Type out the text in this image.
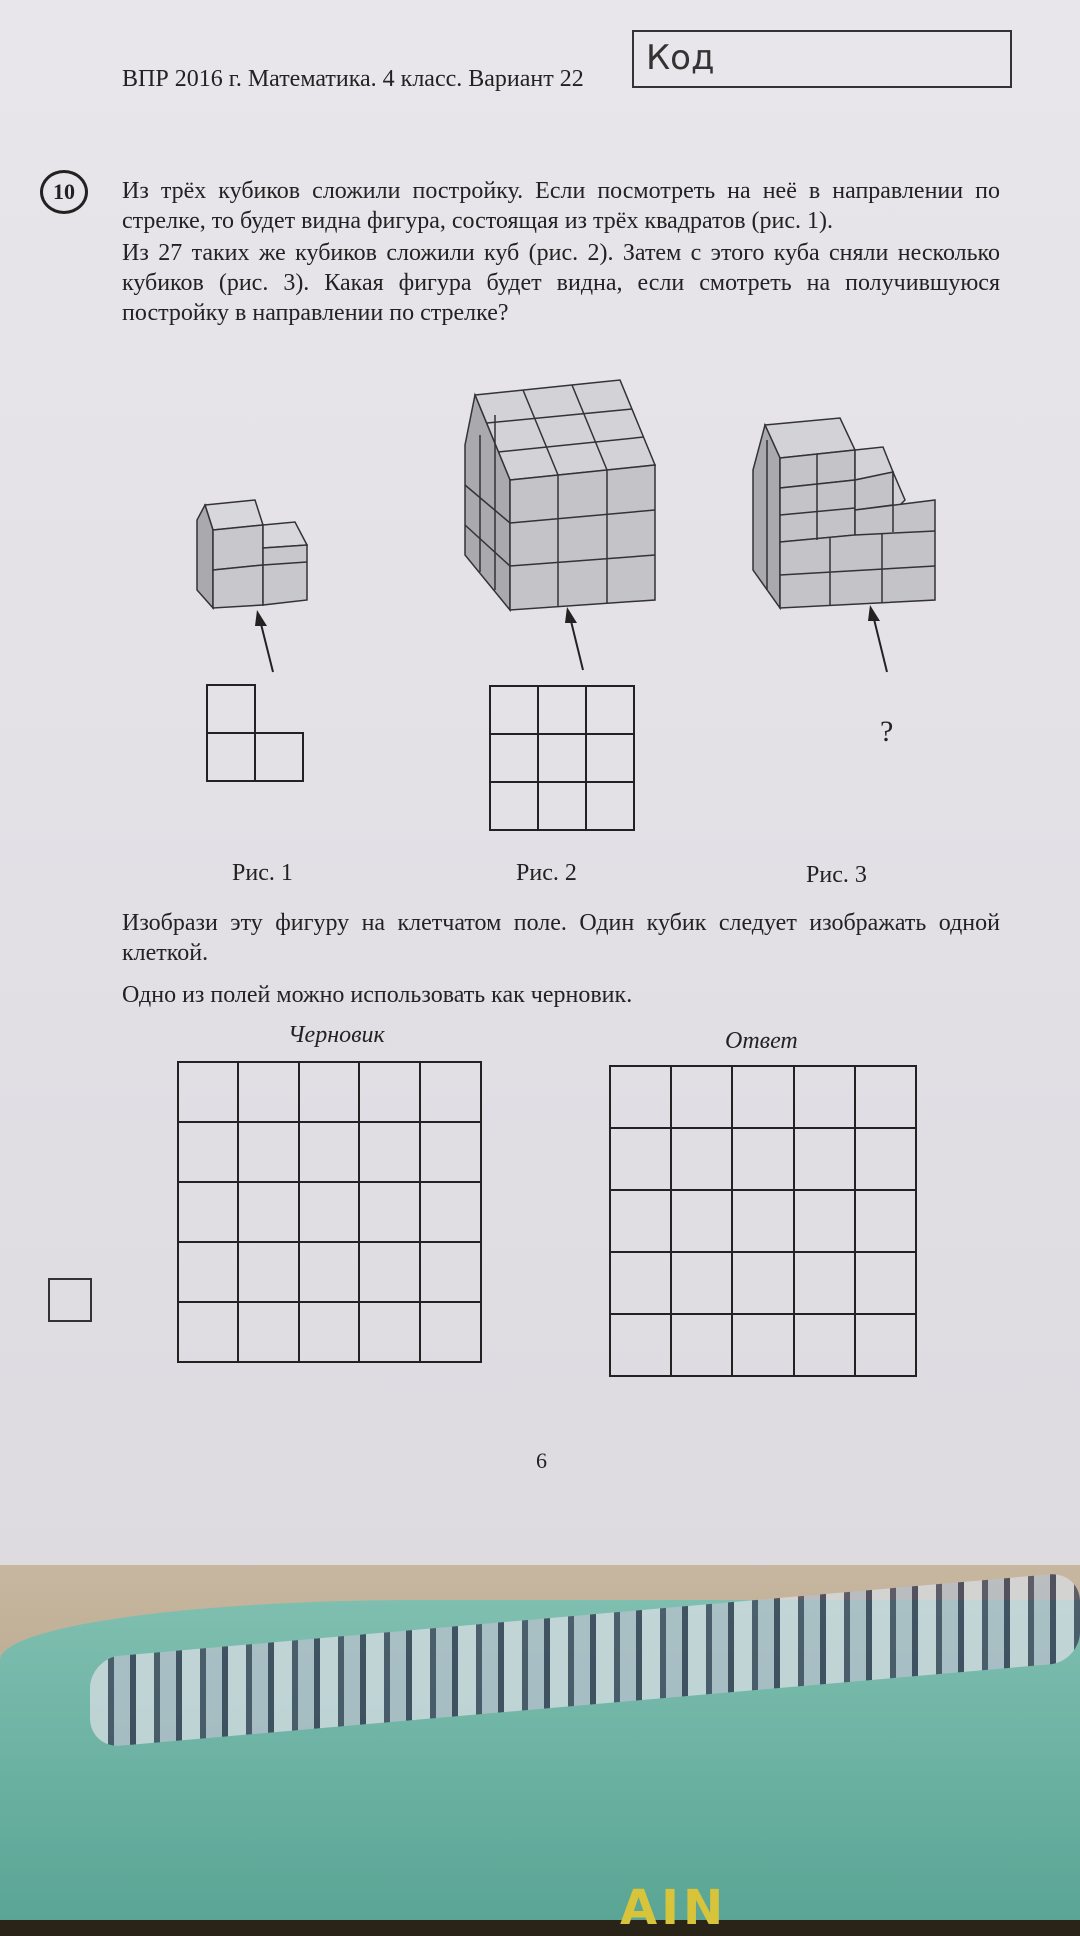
AIN
ВПР 2016 г. Математика. 4 класс. Вариант 22
Код
10	Из трёх кубиков сложили постройку. Если посмотреть на неё в направлении по стрелке, то будет видна фигура, состоящая из трёх квадратов (рис. 1).
Из 27 таких же кубиков сложили куб (рис. 2). Затем с этого куба сняли несколько кубиков (рис. 3). Какая фигура будет видна, если смотреть на получившуюся постройку в направлении по стрелке?
Рис. 1	Рис. 2
?
Рис. 3
Изобрази эту фигуру на клетчатом поле. Один кубик следует изображать одной клеткой.
Одно из полей можно использовать как черновик.
Черновик	Ответ
6
